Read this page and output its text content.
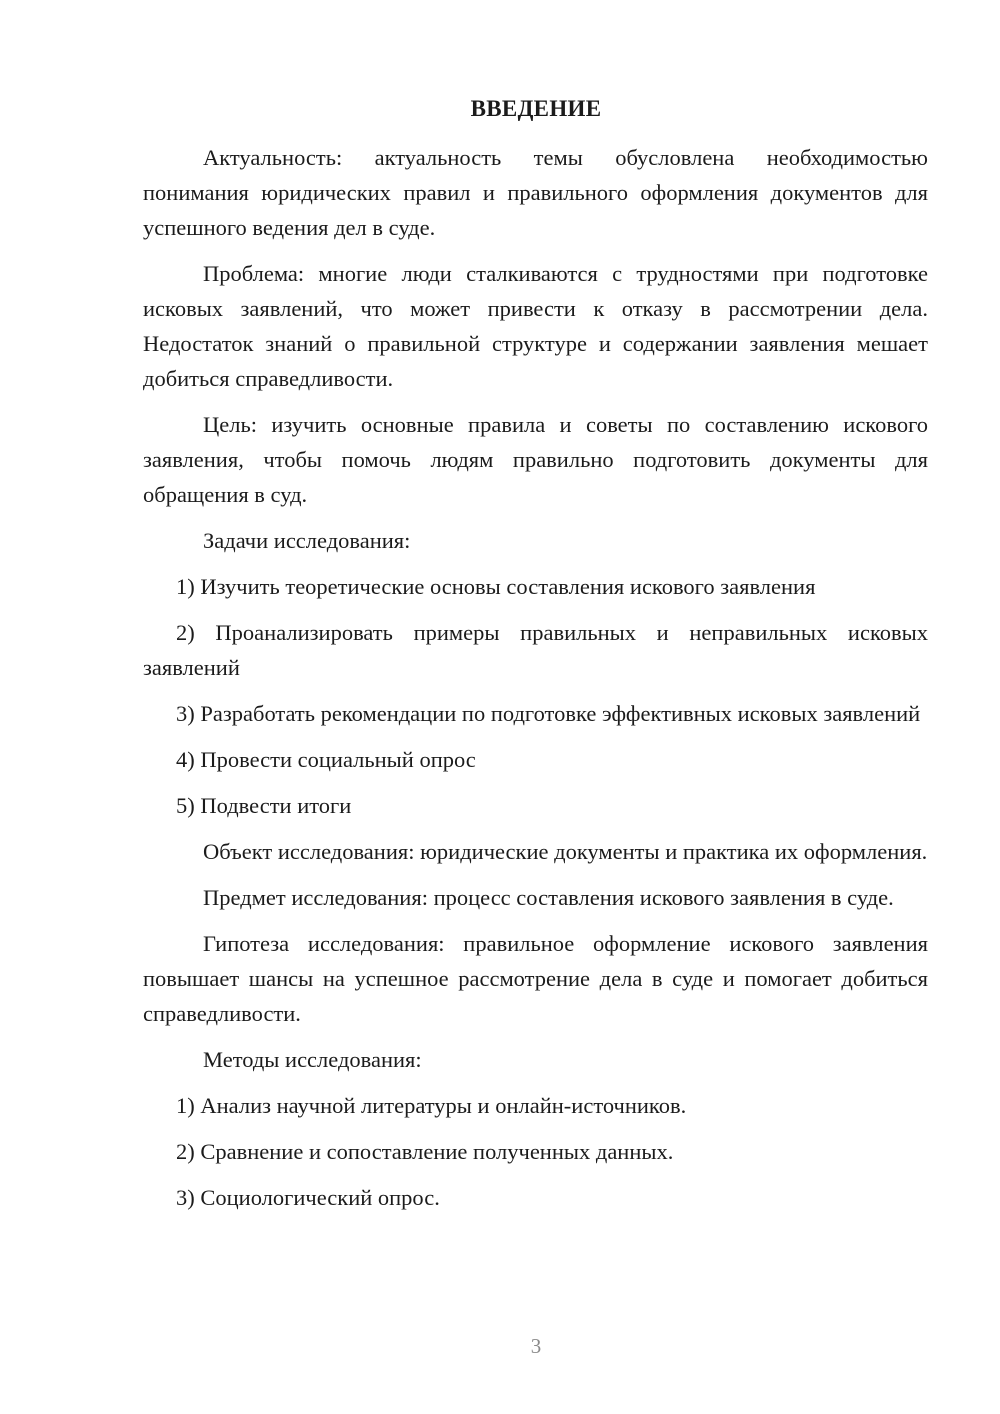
ВВЕДЕНИЕ

Актуальность: актуальность темы обусловлена необходимостью понимания юридических правил и правильного оформления документов для успешного ведения дел в суде.

Проблема: многие люди сталкиваются с трудностями при подготовке исковых заявлений, что может привести к отказу в рассмотрении дела. Недостаток знаний о правильной структуре и содержании заявления мешает добиться справедливости.

Цель: изучить основные правила и советы по составлению искового заявления, чтобы помочь людям правильно подготовить документы для обращения в суд.

Задачи исследования:

1) Изучить теоретические основы составления искового заявления

2) Проанализировать примеры правильных и неправильных исковых заявлений

3) Разработать рекомендации по подготовке эффективных исковых заявлений

4) Провести социальный опрос

5) Подвести итоги

Объект исследования: юридические документы и практика их оформления.

Предмет исследования: процесс составления искового заявления в суде.

Гипотеза исследования: правильное оформление искового заявления повышает шансы на успешное рассмотрение дела в суде и помогает добиться справедливости.

Методы исследования:

1) Анализ научной литературы и онлайн-источников.

2) Сравнение и сопоставление полученных данных.

3) Социологический опрос.

3
